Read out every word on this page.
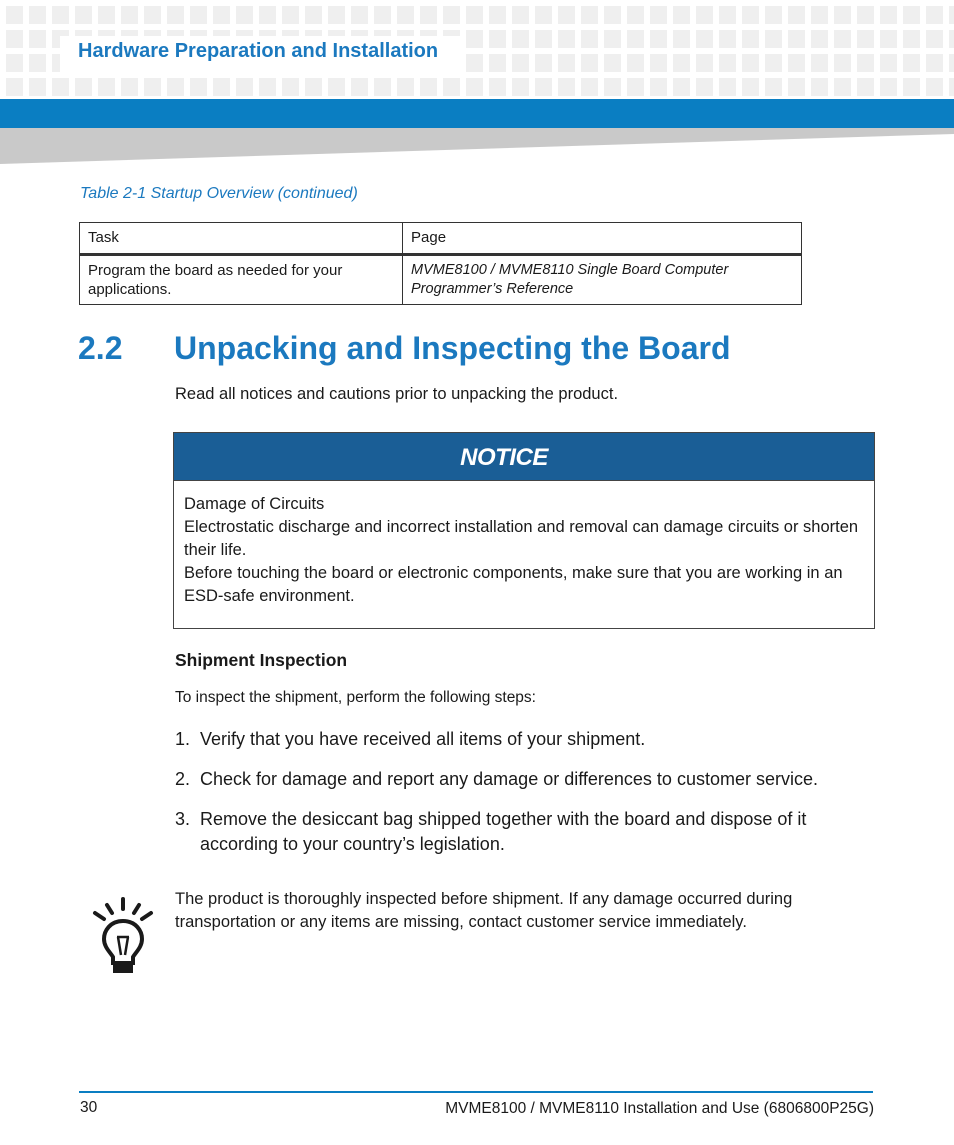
Hardware Preparation and Installation
Table 2-1 Startup Overview (continued)
Task	Page
Program the board as needed for your applications.	MVME8100 / MVME8110 Single Board Computer Programmer’s Reference
2.2 Unpacking and Inspecting the Board
Read all notices and cautions prior to unpacking the product.
NOTICE

Damage of Circuits

Electrostatic discharge and incorrect installation and removal can damage circuits or shorten their life.

Before touching the board or electronic components, make sure that you are working in an ESD-safe environment.

Shipment Inspection
To inspect the shipment, perform the following steps:
1. Verify that you have received all items of your shipment.
2. Check for damage and report any damage or differences to customer service.
3. Remove the desiccant bag shipped together with the board and dispose of it according to your country’s legislation.
The product is thoroughly inspected before shipment. If any damage occurred during transportation or any items are missing, contact customer service immediately.
30	MVME8100 / MVME8110 Installation and Use (6806800P25G)
